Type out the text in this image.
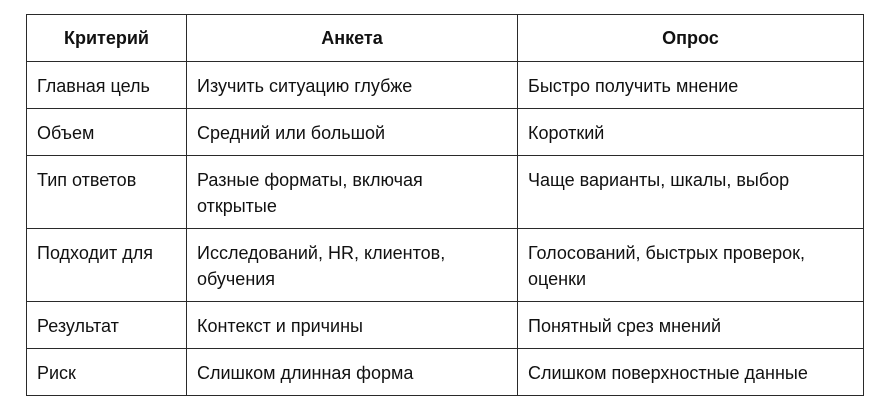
Критерий	Анкета	Опрос
Главная цель	Изучить ситуацию глубже	Быстро получить мнение
Объем	Средний или большой	Короткий
Тип ответов	Разные форматы, включая открытые	Чаще варианты, шкалы, выбор
Подходит для	Исследований, HR, клиентов, обучения	Голосований, быстрых проверок, оценки
Результат	Контекст и причины	Понятный срез мнений
Риск	Слишком длинная форма	Слишком поверхностные данные
